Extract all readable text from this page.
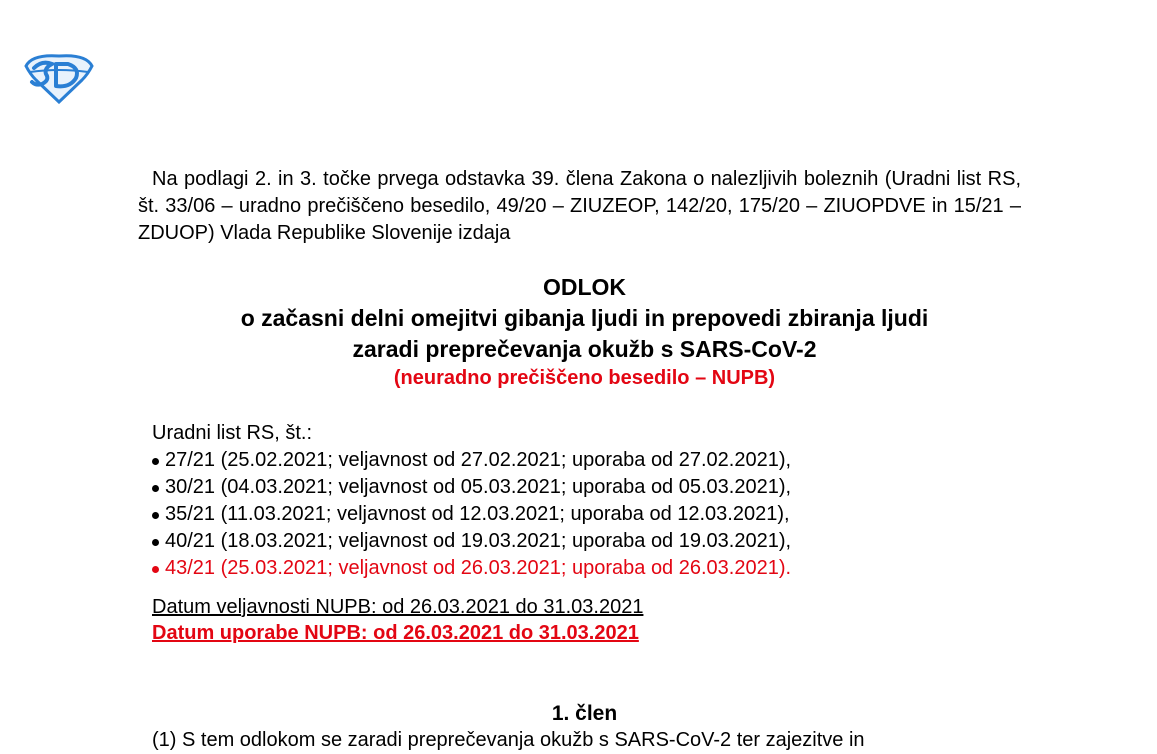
Na podlagi 2. in 3. točke prvega odstavka 39. člena Zakona o nalezljivih boleznih (Uradni list RS, št. 33/06 – uradno prečiščeno besedilo, 49/20 – ZIUZEOP, 142/20, 175/20 – ZIUOPDVE in 15/21 – ZDUOP) Vlada Republike Slovenije izdaja

ODLOK

o začasni delni omejitvi gibanja ljudi in prepovedi zbiranja ljudi

zaradi preprečevanja okužb s SARS-CoV-2

(neuradno prečiščeno besedilo – NUPB)

Uradni list RS, št.:
27/21 (25.02.2021; veljavnost od 27.02.2021; uporaba od 27.02.2021),
30/21 (04.03.2021; veljavnost od 05.03.2021; uporaba od 05.03.2021),
35/21 (11.03.2021; veljavnost od 12.03.2021; uporaba od 12.03.2021),
40/21 (18.03.2021; veljavnost od 19.03.2021; uporaba od 19.03.2021),
43/21 (25.03.2021; veljavnost od 26.03.2021; uporaba od 26.03.2021).
Datum veljavnosti NUPB: od 26.03.2021 do 31.03.2021
Datum uporabe NUPB: od 26.03.2021 do 31.03.2021

1. člen

(1) S tem odlokom se zaradi preprečevanja okužb s SARS-CoV-2 ter zajezitve in
